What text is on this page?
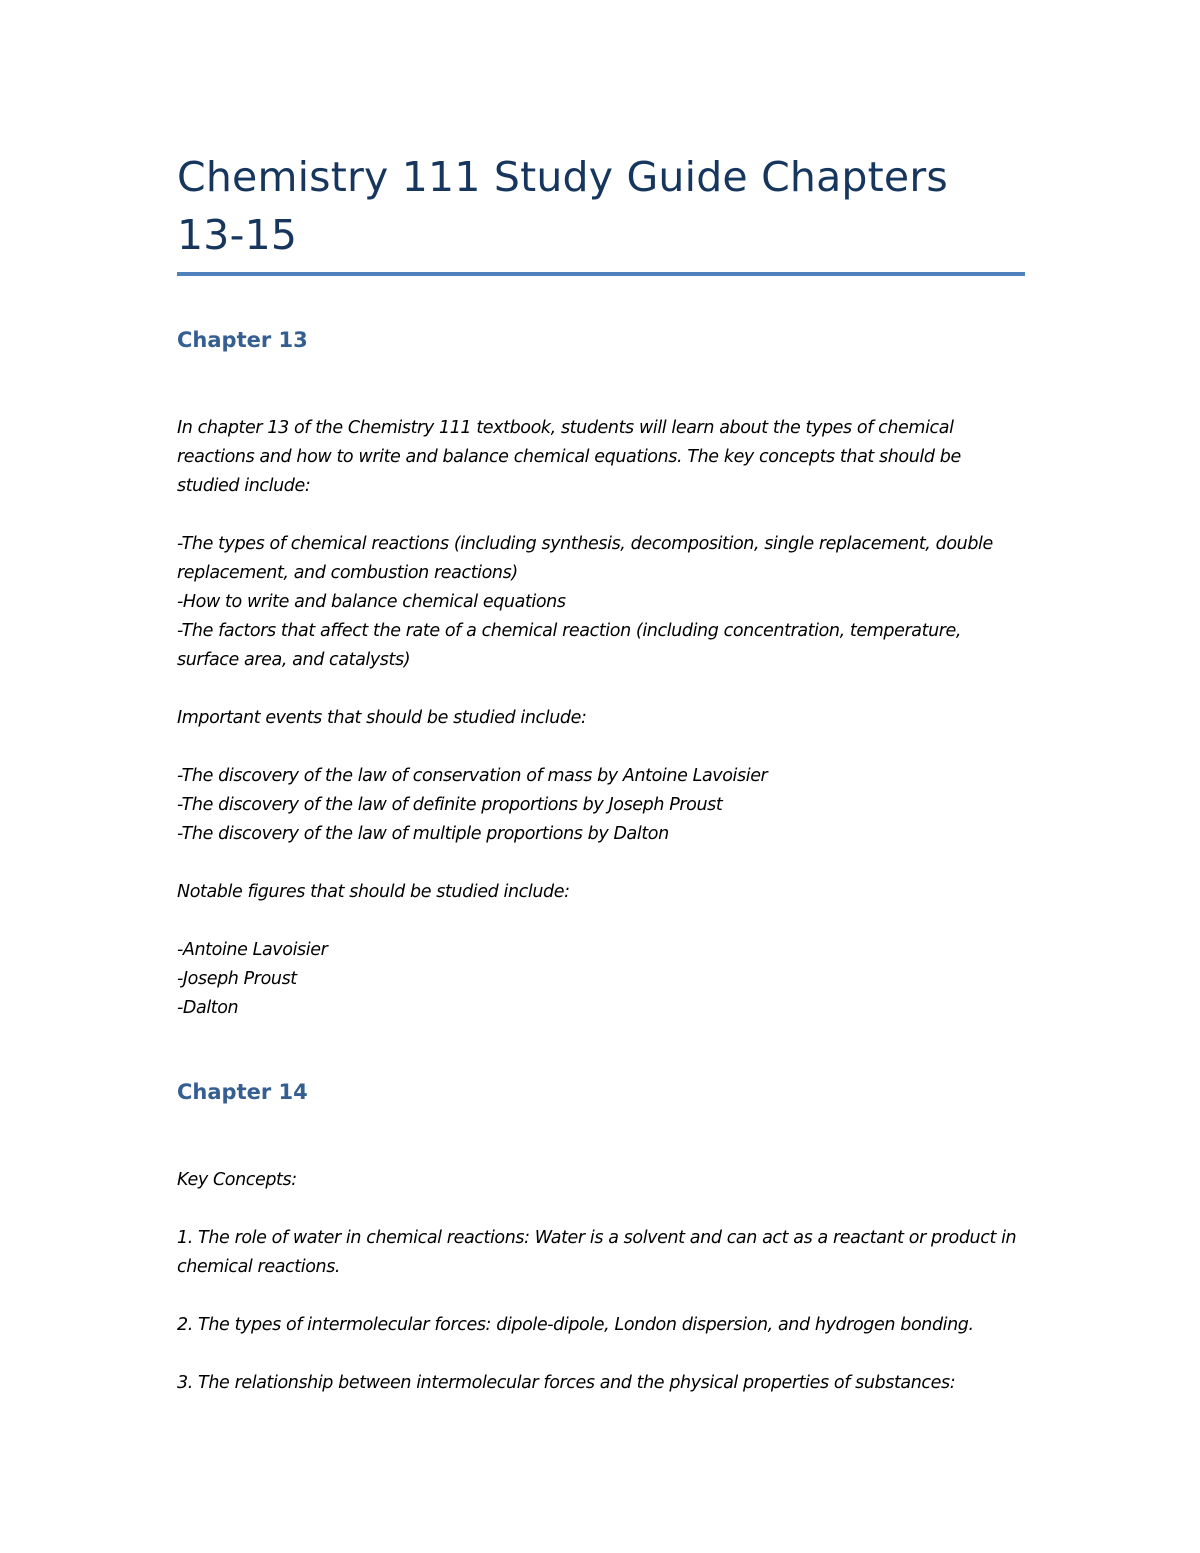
Chemistry 111 Study Guide Chapters
13-15
Chapter 13

In chapter 13 of the Chemistry 111 textbook, students will learn about the types of chemical reactions and how to write and balance chemical equations. The key concepts that should be studied include:

-The types of chemical reactions (including synthesis, decomposition, single replacement, double replacement, and combustion reactions)
-How to write and balance chemical equations
-The factors that affect the rate of a chemical reaction (including concentration, temperature, surface area, and catalysts)

Important events that should be studied include:

-The discovery of the law of conservation of mass by Antoine Lavoisier
-The discovery of the law of definite proportions by Joseph Proust
-The discovery of the law of multiple proportions by Dalton

Notable figures that should be studied include:

-Antoine Lavoisier
-Joseph Proust
-Dalton
Chapter 14

Key Concepts:

1. The role of water in chemical reactions: Water is a solvent and can act as a reactant or product in chemical reactions.

2. The types of intermolecular forces: dipole-dipole, London dispersion, and hydrogen bonding.

3. The relationship between intermolecular forces and the physical properties of substances:
